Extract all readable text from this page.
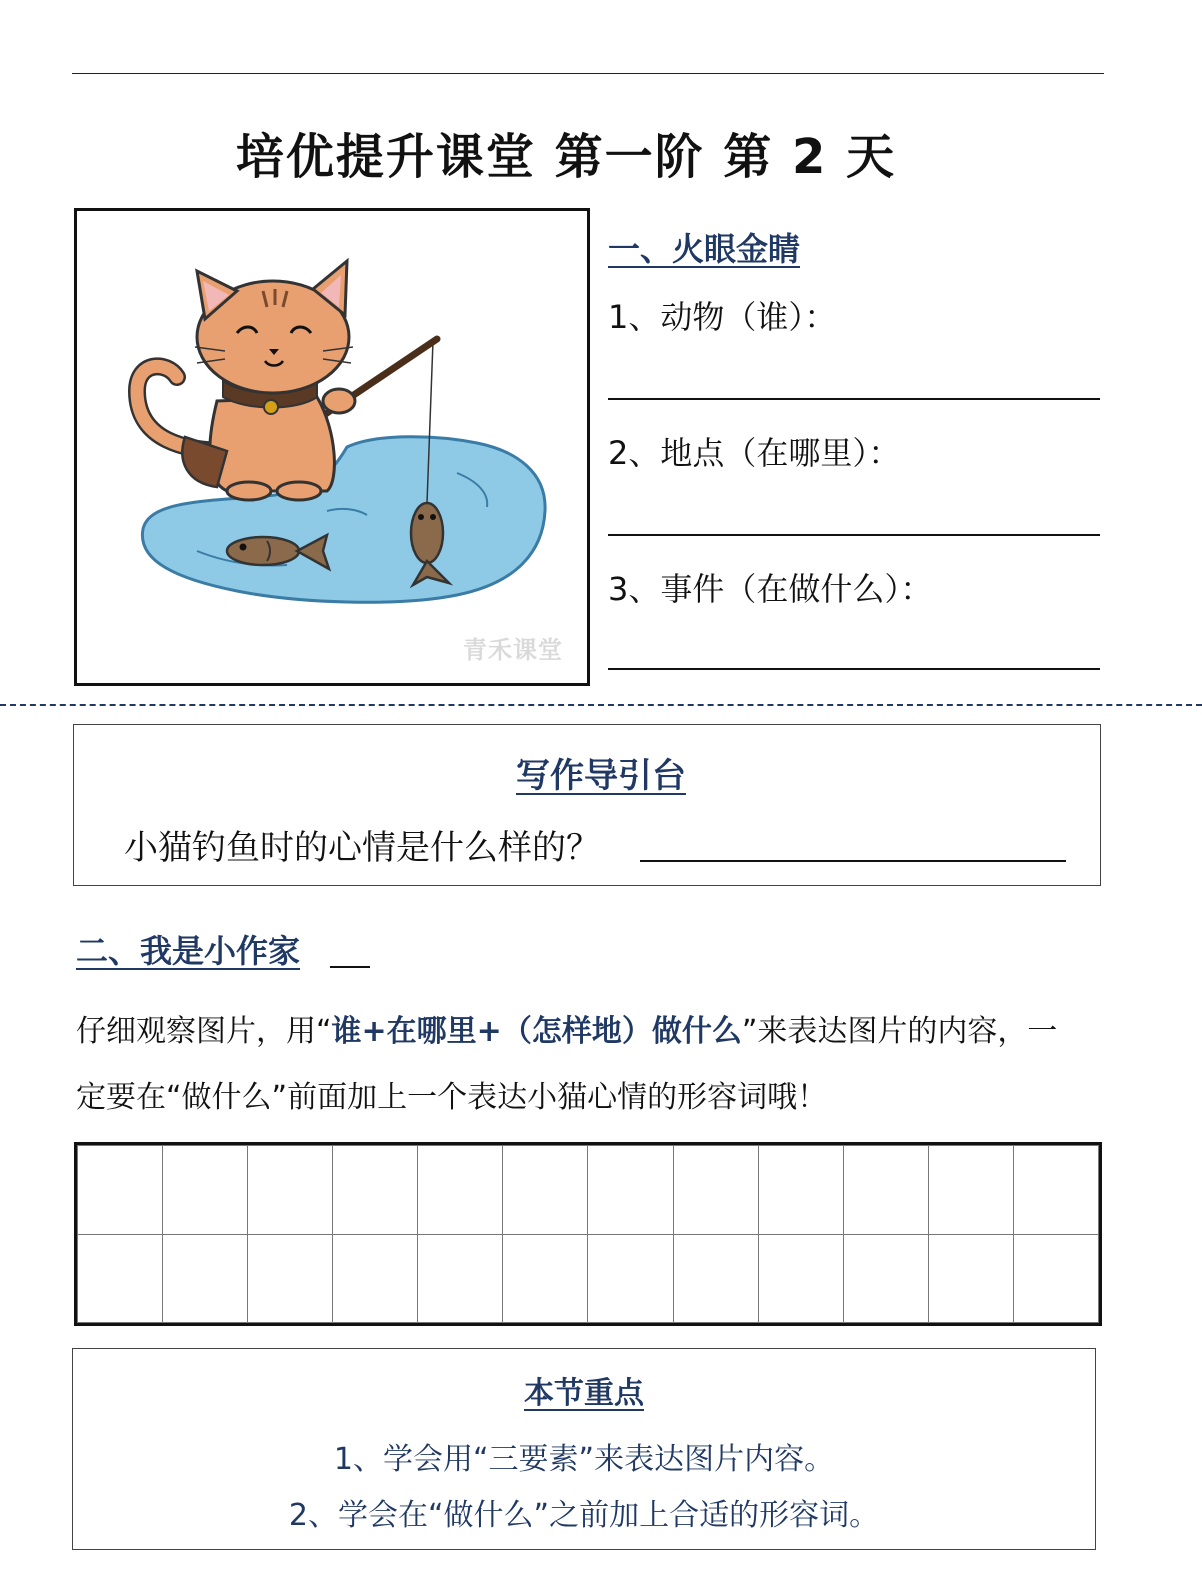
培优提升课堂 第一阶 第 2 天
青禾课堂
一、火眼金睛
1、动物（谁）：
2、地点（在哪里）：
3、事件（在做什么）：
写作导引台
小猫钓鱼时的心情是什么样的？
二、我是小作家
仔细观察图片，用“谁+在哪里+（怎样地）做什么”来表达图片的内容，一
定要在“做什么”前面加上一个表达小猫心情的形容词哦！

本节重点
1、学会用“三要素”来表达图片内容。
2、学会在“做什么”之前加上合适的形容词。
